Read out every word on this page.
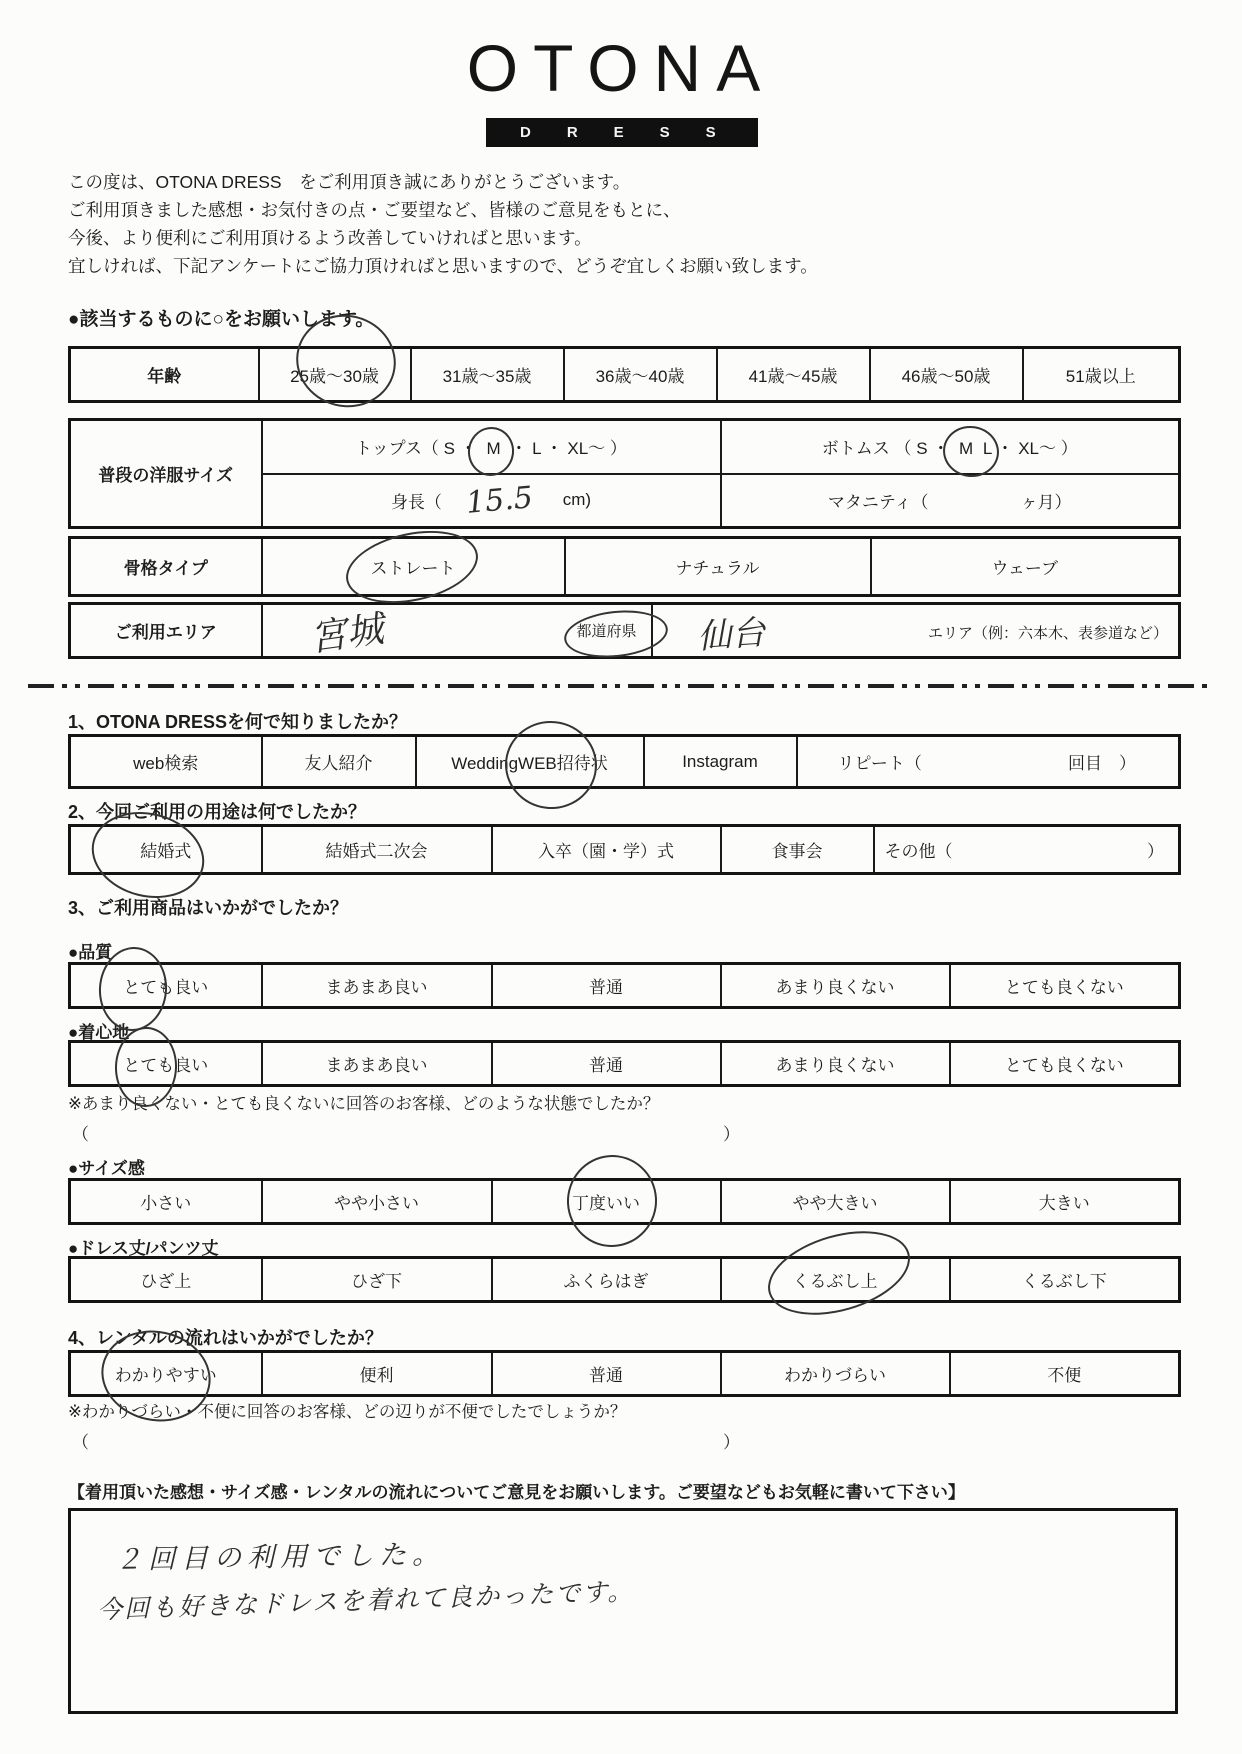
OTONA
DRESS
この度は、OTONA DRESS　をご利用頂き誠にありがとうございます。
ご利用頂きました感想・お気付きの点・ご要望など、皆様のご意見をもとに、
今後、より便利にご利用頂けるよう改善していければと思います。
宜しければ、下記アンケートにご協力頂ければと思いますので、どうぞ宜しくお願い致します。
●該当するものに○をお願いします。
年齢	25歳〜30歳	31歳〜35歳	36歳〜40歳	41歳〜45歳	46歳〜50歳	51歳以上
普段の洋服サイズ	トップス（ S ・ M ・ L ・ XL〜 ）	ボトムス （ S ・ M L ・ XL〜 ）

	身長（ 15.5 cm)	マタニティ（ ヶ月）
骨格タイプ	ストレート	ナチュラル	ウェーブ
ご利用エリア	宮城	都道府県	仙台	エリア（例：六本木、表参道など）
1、OTONA DRESSを何で知りましたか？
web検索	友人紹介	WeddingWEB招待状	Instagram	リピート（	回目　）
2、今回ご利用の用途は何でしたか？
結婚式	結婚式二次会	入卒（園・学）式	食事会	その他（	）
3、ご利用商品はいかがでしたか？
●品質
とても良い	まあまあ良い	普通	あまり良くない	とても良くない
●着心地
とても良い	まあまあ良い	普通	あまり良くない	とても良くない
※あまり良くない・とても良くないに回答のお客様、どのような状態でしたか？
（	）
●サイズ感
小さい	やや小さい	丁度いい	やや大きい	大きい
●ドレス丈/パンツ丈
ひざ上	ひざ下	ふくらはぎ	くるぶし上	くるぶし下
4、レンタルの流れはいかがでしたか？
わかりやすい	便利	普通	わかりづらい	不便
※わかりづらい・不便に回答のお客様、どの辺りが不便でしたでしょうか？
（	）
【着用頂いた感想・サイズ感・レンタルの流れについてご意見をお願いします。ご要望などもお気軽に書いて下さい】
２回目の利用でした。
今回も好きなドレスを着れて良かったです。
